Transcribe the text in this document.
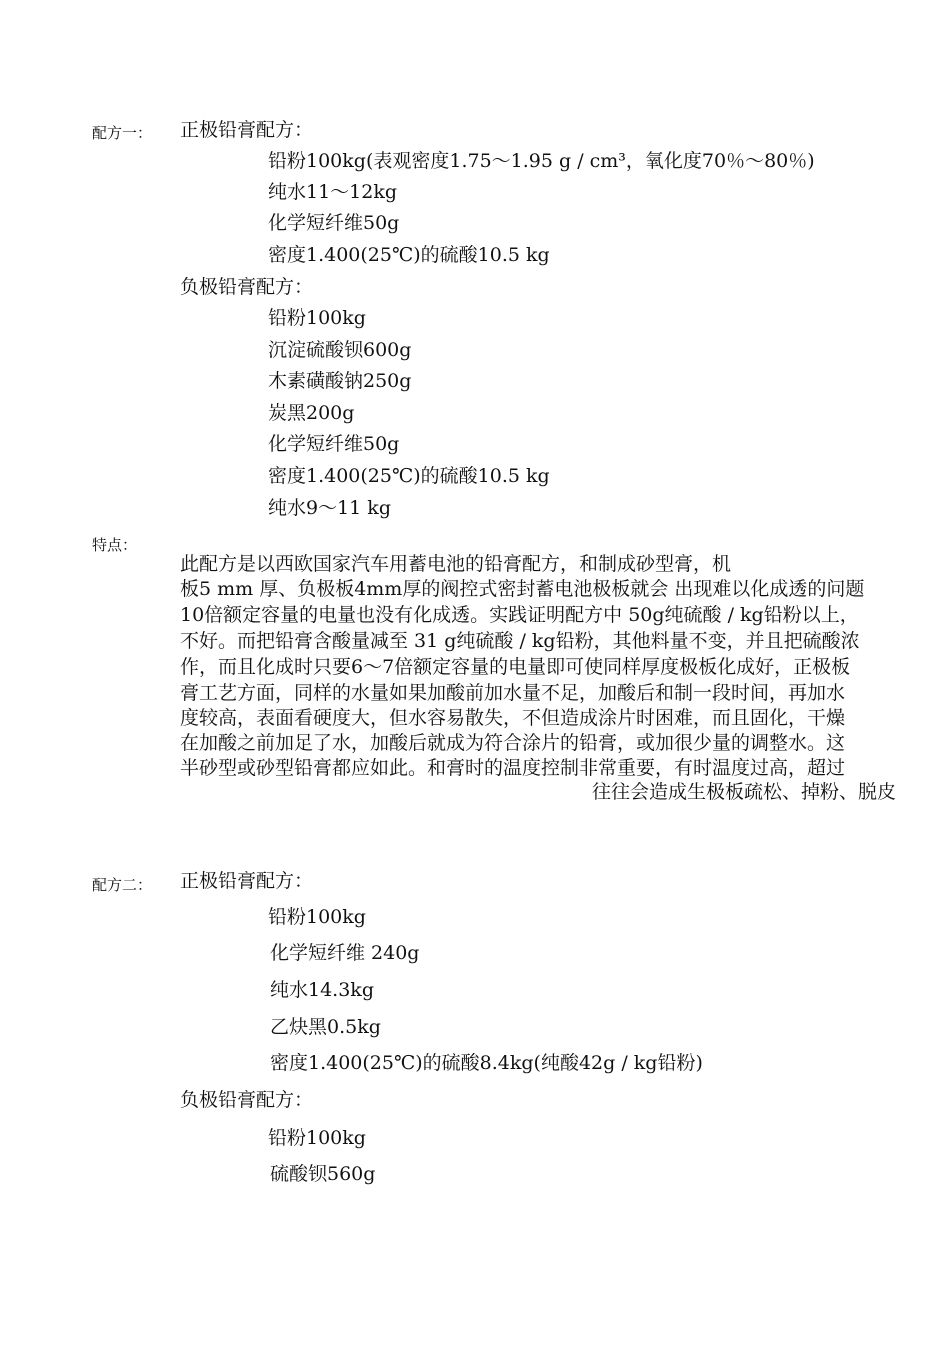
配方一： 正极铅膏配方：
铅粉100kg(表观密度1.75～1.95 g / cm³，氧化度70％～80％)
纯水11～12kg
化学短纤维50g
密度1.400(25℃)的硫酸10.5 kg
负极铅膏配方：
铅粉100kg
沉淀硫酸钡600g
木素磺酸钠250g
炭黑200g
化学短纤维50g
密度1.400(25℃)的硫酸10.5 kg
纯水9～11 kg
特点：
此配方是以西欧国家汽车用蓄电池的铅膏配方，和制成砂型膏，机
板5 mm 厚、负极板4mm厚的阀控式密封蓄电池极板就会 出现难以化成透的问题
10倍额定容量的电量也没有化成透。实践证明配方中 50g纯硫酸 / kg铅粉以上，
不好。而把铅膏含酸量减至 31 g纯硫酸 / kg铅粉，其他料量不变，并且把硫酸浓
作，而且化成时只要6～7倍额定容量的电量即可使同样厚度极板化成好，正极板
膏工艺方面，同样的水量如果加酸前加水量不足，加酸后和制一段时间，再加水
度较高，表面看硬度大，但水容易散失，不但造成涂片时困难，而且固化，干燥
在加酸之前加足了水，加酸后就成为符合涂片的铅膏，或加很少量的调整水。这
半砂型或砂型铅膏都应如此。和膏时的温度控制非常重要，有时温度过高，超过
往往会造成生极板疏松、掉粉、脱皮
配方二： 正极铅膏配方：
铅粉100kg
化学短纤维 240g
纯水14.3kg
乙炔黑0.5kg
密度1.400(25℃)的硫酸8.4kg(纯酸42g / kg铅粉)
负极铅膏配方：
铅粉100kg
硫酸钡560g
